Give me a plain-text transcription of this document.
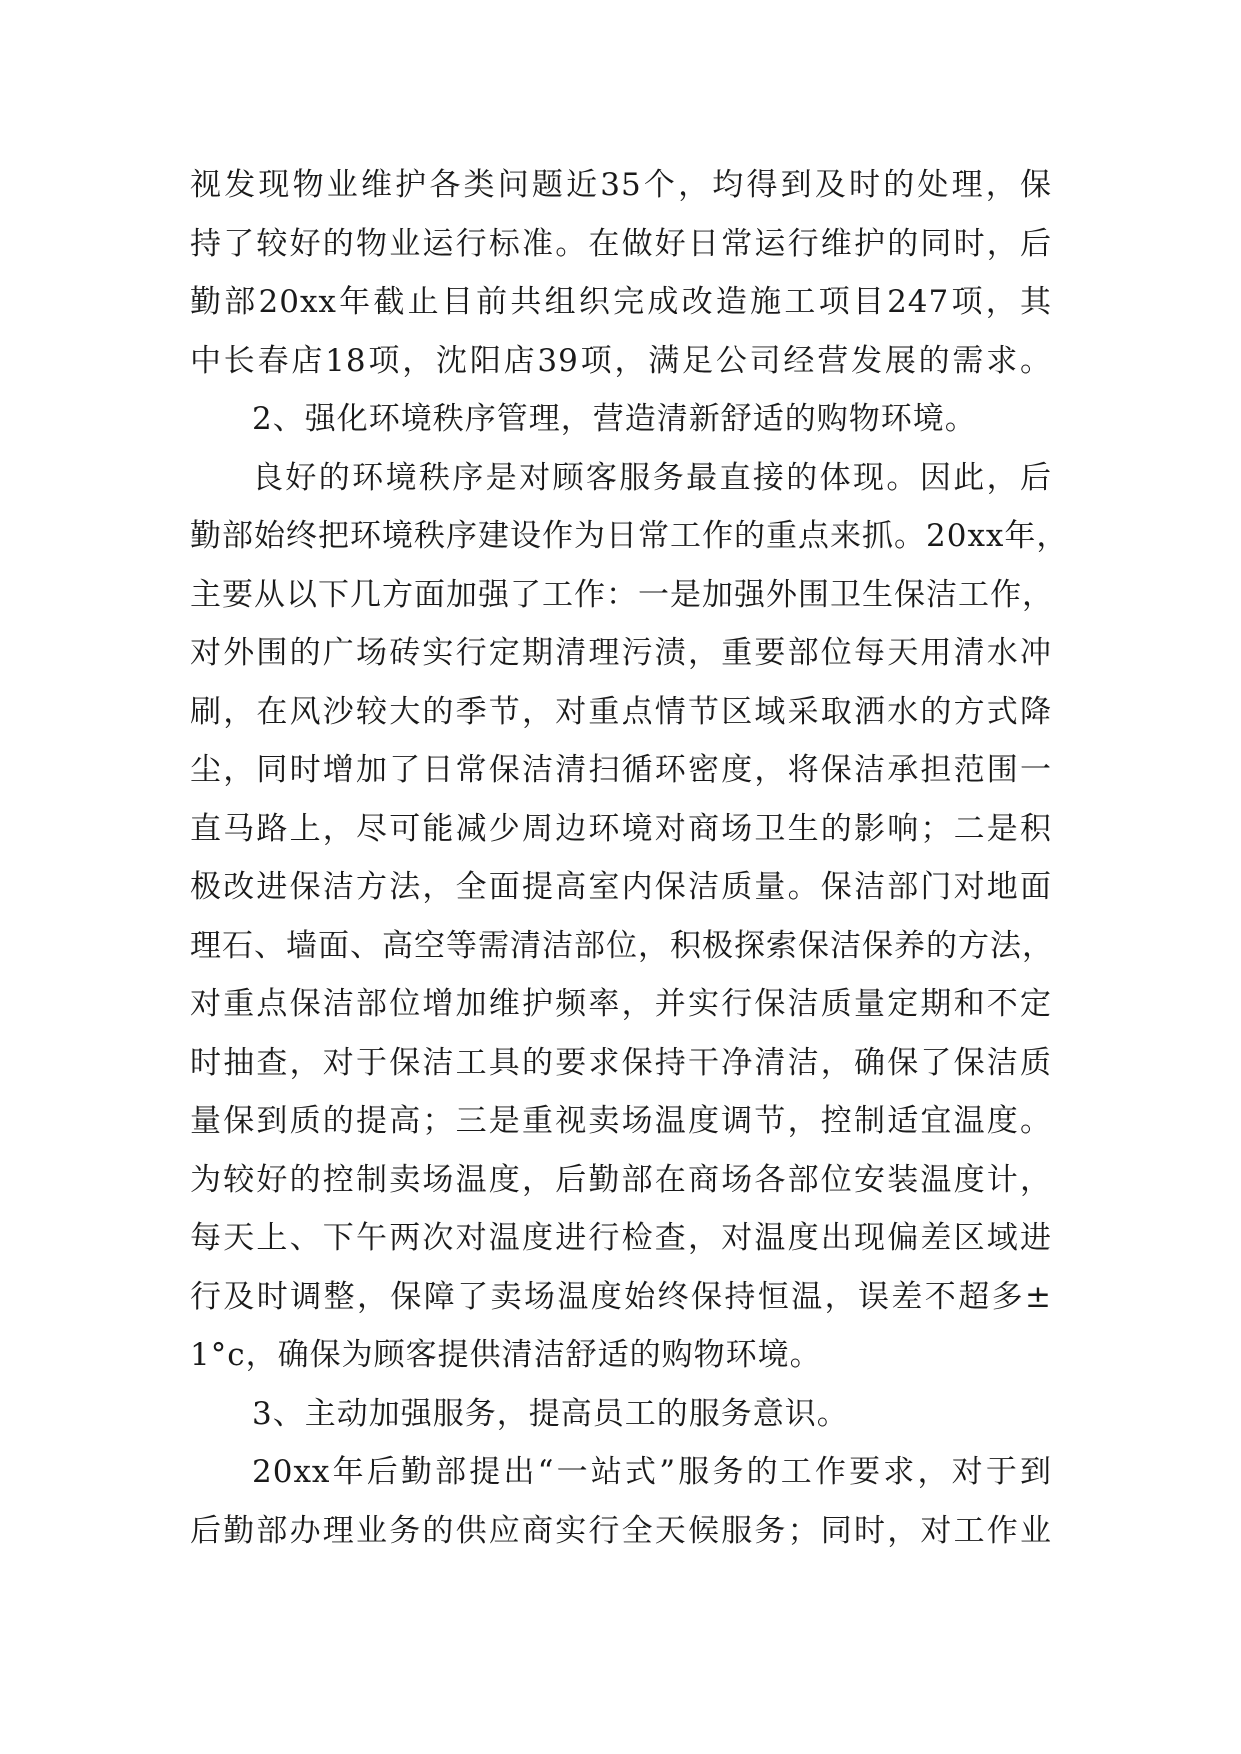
视发现物业维护各类问题近35个，均得到及时的处理，保
持了较好的物业运行标准。在做好日常运行维护的同时，后
勤部20xx年截止目前共组织完成改造施工项目247项，其
中长春店18项，沈阳店39项，满足公司经营发展的需求。
2、强化环境秩序管理，营造清新舒适的购物环境。
良好的环境秩序是对顾客服务最直接的体现。因此，后
勤部始终把环境秩序建设作为日常工作的重点来抓。20xx年，
主要从以下几方面加强了工作：一是加强外围卫生保洁工作，
对外围的广场砖实行定期清理污渍，重要部位每天用清水冲
刷，在风沙较大的季节，对重点情节区域采取洒水的方式降
尘，同时增加了日常保洁清扫循环密度，将保洁承担范围一
直马路上，尽可能减少周边环境对商场卫生的影响；二是积
极改进保洁方法，全面提高室内保洁质量。保洁部门对地面
理石、墙面、高空等需清洁部位，积极探索保洁保养的方法，
对重点保洁部位增加维护频率，并实行保洁质量定期和不定
时抽查，对于保洁工具的要求保持干净清洁，确保了保洁质
量保到质的提高；三是重视卖场温度调节，控制适宜温度。
为较好的控制卖场温度，后勤部在商场各部位安装温度计，
每天上、下午两次对温度进行检查，对温度出现偏差区域进
行及时调整，保障了卖场温度始终保持恒温，误差不超多±
1°c，确保为顾客提供清洁舒适的购物环境。
3、主动加强服务，提高员工的服务意识。
20xx年后勤部提出“一站式”服务的工作要求，对于到
后勤部办理业务的供应商实行全天候服务；同时，对工作业
